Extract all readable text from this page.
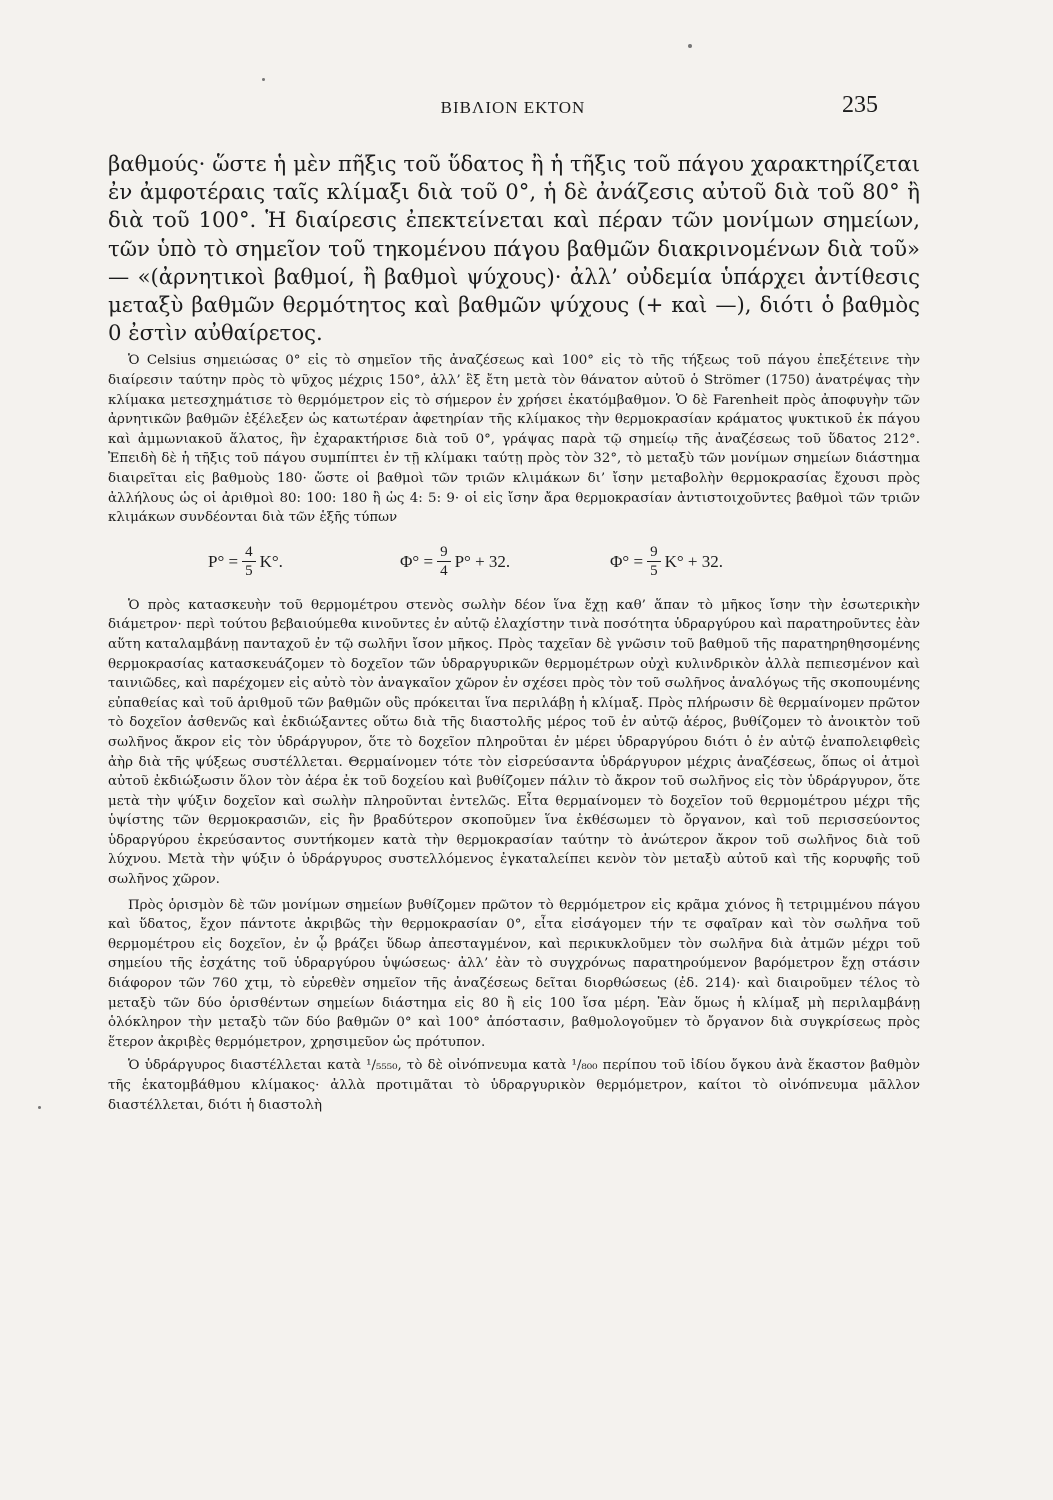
ΒΙΒΛΙΟΝ ΕΚΤΟΝ	235

βαθμούς· ὥστε ἡ μὲν πῆξις τοῦ ὕδατος ἢ ἡ τῆξις τοῦ πάγου χαρακτηρίζεται ἐν ἀμφοτέραις ταῖς κλίμαξι διὰ τοῦ 0°, ἡ δὲ ἀνάζεσις αὐτοῦ διὰ τοῦ 80° ἢ διὰ τοῦ 100°. Ἡ διαίρεσις ἐπεκτείνεται καὶ πέραν τῶν μονίμων σημείων, τῶν ὑπὸ τὸ σημεῖον τοῦ τηκομένου πάγου βαθμῶν διακρινομένων διὰ τοῦ» — «(ἀρνητικοὶ βαθμοί, ἢ βαθμοὶ ψύχους)· ἀλλ’ οὐδεμία ὑπάρχει ἀντίθεσις μεταξὺ βαθμῶν θερμότητος καὶ βαθμῶν ψύχους (+ καὶ —), διότι ὁ βαθμὸς 0 ἐστὶν αὐθαίρετος.

Ὁ Celsius σημειώσας 0° εἰς τὸ σημεῖον τῆς ἀναζέσεως καὶ 100° εἰς τὸ τῆς τήξεως τοῦ πάγου ἐπεξέτεινε τὴν διαίρεσιν ταύτην πρὸς τὸ ψῦχος μέχρις 150°, ἀλλ’ ἓξ ἔτη μετὰ τὸν θάνατον αὐτοῦ ὁ Strömer (1750) ἀνατρέψας τὴν κλίμακα μετεσχημάτισε τὸ θερμόμετρον εἰς τὸ σήμερον ἐν χρήσει ἑκατόμβαθμον. Ὁ δὲ Farenheit πρὸς ἀποφυγὴν τῶν ἀρνητικῶν βαθμῶν ἐξέλεξεν ὡς κατωτέραν ἀφετηρίαν τῆς κλίμακος τὴν θερμοκρασίαν κράματος ψυκτικοῦ ἐκ πάγου καὶ ἀμμωνιακοῦ ἅλατος, ἣν ἐχαρακτήρισε διὰ τοῦ 0°, γράψας παρὰ τῷ σημείῳ τῆς ἀναζέσεως τοῦ ὕδατος 212°. Ἐπειδὴ δὲ ἡ τῆξις τοῦ πάγου συμπίπτει ἐν τῇ κλίμακι ταύτῃ πρὸς τὸν 32°, τὸ μεταξὺ τῶν μονίμων σημείων διάστημα διαιρεῖται εἰς βαθμοὺς 180· ὥστε οἱ βαθμοὶ τῶν τριῶν κλιμάκων δι’ ἴσην μεταβολὴν θερμοκρασίας ἔχουσι πρὸς ἀλλήλους ὡς οἱ ἀριθμοὶ 80: 100: 180 ἢ ὡς 4: 5: 9· οἱ εἰς ἴσην ἄρα θερμοκρασίαν ἀντιστοιχοῦντες βαθμοὶ τῶν τριῶν κλιμάκων συνδέονται διὰ τῶν ἑξῆς τύπων

$P^\circ = \frac{4}{5} K^\circ$.	$\Phi^\circ = \frac{9}{4} P^\circ + 32$.	$\Phi^\circ = \frac{9}{5} K^\circ + 32$.

Ὁ πρὸς κατασκευὴν τοῦ θερμομέτρου στενὸς σωλὴν δέον ἵνα ἔχῃ καθ’ ἅπαν τὸ μῆκος ἴσην τὴν ἐσωτερικὴν διάμετρον· περὶ τούτου βεβαιούμεθα κινοῦντες ἐν αὐτῷ ἐλαχίστην τινὰ ποσότητα ὑδραργύρου καὶ παρατηροῦντες ἐὰν αὕτη καταλαμβάνῃ πανταχοῦ ἐν τῷ σωλῆνι ἴσον μῆκος. Πρὸς ταχεῖαν δὲ γνῶσιν τοῦ βαθμοῦ τῆς παρατηρηθησομένης θερμοκρασίας κατασκευάζομεν τὸ δοχεῖον τῶν ὑδραργυρικῶν θερμομέτρων οὐχὶ κυλινδρικὸν ἀλλὰ πεπιεσμένον καὶ ταινιῶδες, καὶ παρέχομεν εἰς αὐτὸ τὸν ἀναγκαῖον χῶρον ἐν σχέσει πρὸς τὸν τοῦ σωλῆνος ἀναλόγως τῆς σκοπουμένης εὐπαθείας καὶ τοῦ ἀριθμοῦ τῶν βαθμῶν οὓς πρόκειται ἵνα περιλάβῃ ἡ κλίμαξ. Πρὸς πλήρωσιν δὲ θερμαίνομεν πρῶτον τὸ δοχεῖον ἀσθενῶς καὶ ἐκδιώξαντες οὕτω διὰ τῆς διαστολῆς μέρος τοῦ ἐν αὐτῷ ἀέρος, βυθίζομεν τὸ ἀνοικτὸν τοῦ σωλῆνος ἄκρον εἰς τὸν ὑδράργυρον, ὅτε τὸ δοχεῖον πληροῦται ἐν μέρει ὑδραργύρου διότι ὁ ἐν αὐτῷ ἐναπολειφθεὶς ἀὴρ διὰ τῆς ψύξεως συστέλλεται. Θερμαίνομεν τότε τὸν εἰσρεύσαντα ὑδράργυρον μέχρις ἀναζέσεως, ὅπως οἱ ἀτμοὶ αὐτοῦ ἐκδιώξωσιν ὅλον τὸν ἀέρα ἐκ τοῦ δοχείου καὶ βυθίζομεν πάλιν τὸ ἄκρον τοῦ σωλῆνος εἰς τὸν ὑδράργυρον, ὅτε μετὰ τὴν ψύξιν δοχεῖον καὶ σωλὴν πληροῦνται ἐντελῶς. Εἶτα θερμαίνομεν τὸ δοχεῖον τοῦ θερμομέτρου μέχρι τῆς ὑψίστης τῶν θερμοκρασιῶν, εἰς ἣν βραδύτερον σκοποῦμεν ἵνα ἐκθέσωμεν τὸ ὄργανον, καὶ τοῦ περισσεύοντος ὑδραργύρου ἐκρεύσαντος συντήκομεν κατὰ τὴν θερμοκρασίαν ταύτην τὸ ἀνώτερον ἄκρον τοῦ σωλῆνος διὰ τοῦ λύχνου. Μετὰ τὴν ψύξιν ὁ ὑδράργυρος συστελλόμενος ἐγκαταλείπει κενὸν τὸν μεταξὺ αὐτοῦ καὶ τῆς κορυφῆς τοῦ σωλῆνος χῶρον.

Πρὸς ὁρισμὸν δὲ τῶν μονίμων σημείων βυθίζομεν πρῶτον τὸ θερμόμετρον εἰς κρᾶμα χιόνος ἢ τετριμμένου πάγου καὶ ὕδατος, ἔχον πάντοτε ἀκριβῶς τὴν θερμοκρασίαν 0°, εἶτα εἰσάγομεν τήν τε σφαῖραν καὶ τὸν σωλῆνα τοῦ θερμομέτρου εἰς δοχεῖον, ἐν ᾧ βράζει ὕδωρ ἀπεσταγμένον, καὶ περικυκλοῦμεν τὸν σωλῆνα διὰ ἀτμῶν μέχρι τοῦ σημείου τῆς ἐσχάτης τοῦ ὑδραργύρου ὑψώσεως· ἀλλ’ ἐὰν τὸ συγχρόνως παρατηρούμενον βαρόμετρον ἔχῃ στάσιν διάφορον τῶν 760 χτμ, τὸ εὑρεθὲν σημεῖον τῆς ἀναζέσεως δεῖται διορθώσεως (ἐδ. 214)· καὶ διαιροῦμεν τέλος τὸ μεταξὺ τῶν δύο ὁρισθέντων σημείων διάστημα εἰς 80 ἢ εἰς 100 ἴσα μέρη. Ἐὰν ὅμως ἡ κλίμαξ μὴ περιλαμβάνῃ ὁλόκληρον τὴν μεταξὺ τῶν δύο βαθμῶν 0° καὶ 100° ἀπόστασιν, βαθμολογοῦμεν τὸ ὄργανον διὰ συγκρίσεως πρὸς ἕτερον ἀκριβὲς θερμόμετρον, χρησιμεῦον ὡς πρότυπον.

Ὁ ὑδράργυρος διαστέλλεται κατὰ ¹/₅₅₅₀, τὸ δὲ οἰνόπνευμα κατὰ ¹/₈₀₀ περίπου τοῦ ἰδίου ὄγκου ἀνὰ ἕκαστον βαθμὸν τῆς ἑκατομβάθμου κλίμακος· ἀλλὰ προτιμᾶται τὸ ὑδραργυρικὸν θερμόμετρον, καίτοι τὸ οἰνόπνευμα μᾶλλον διαστέλλεται, διότι ἡ διαστολὴ
